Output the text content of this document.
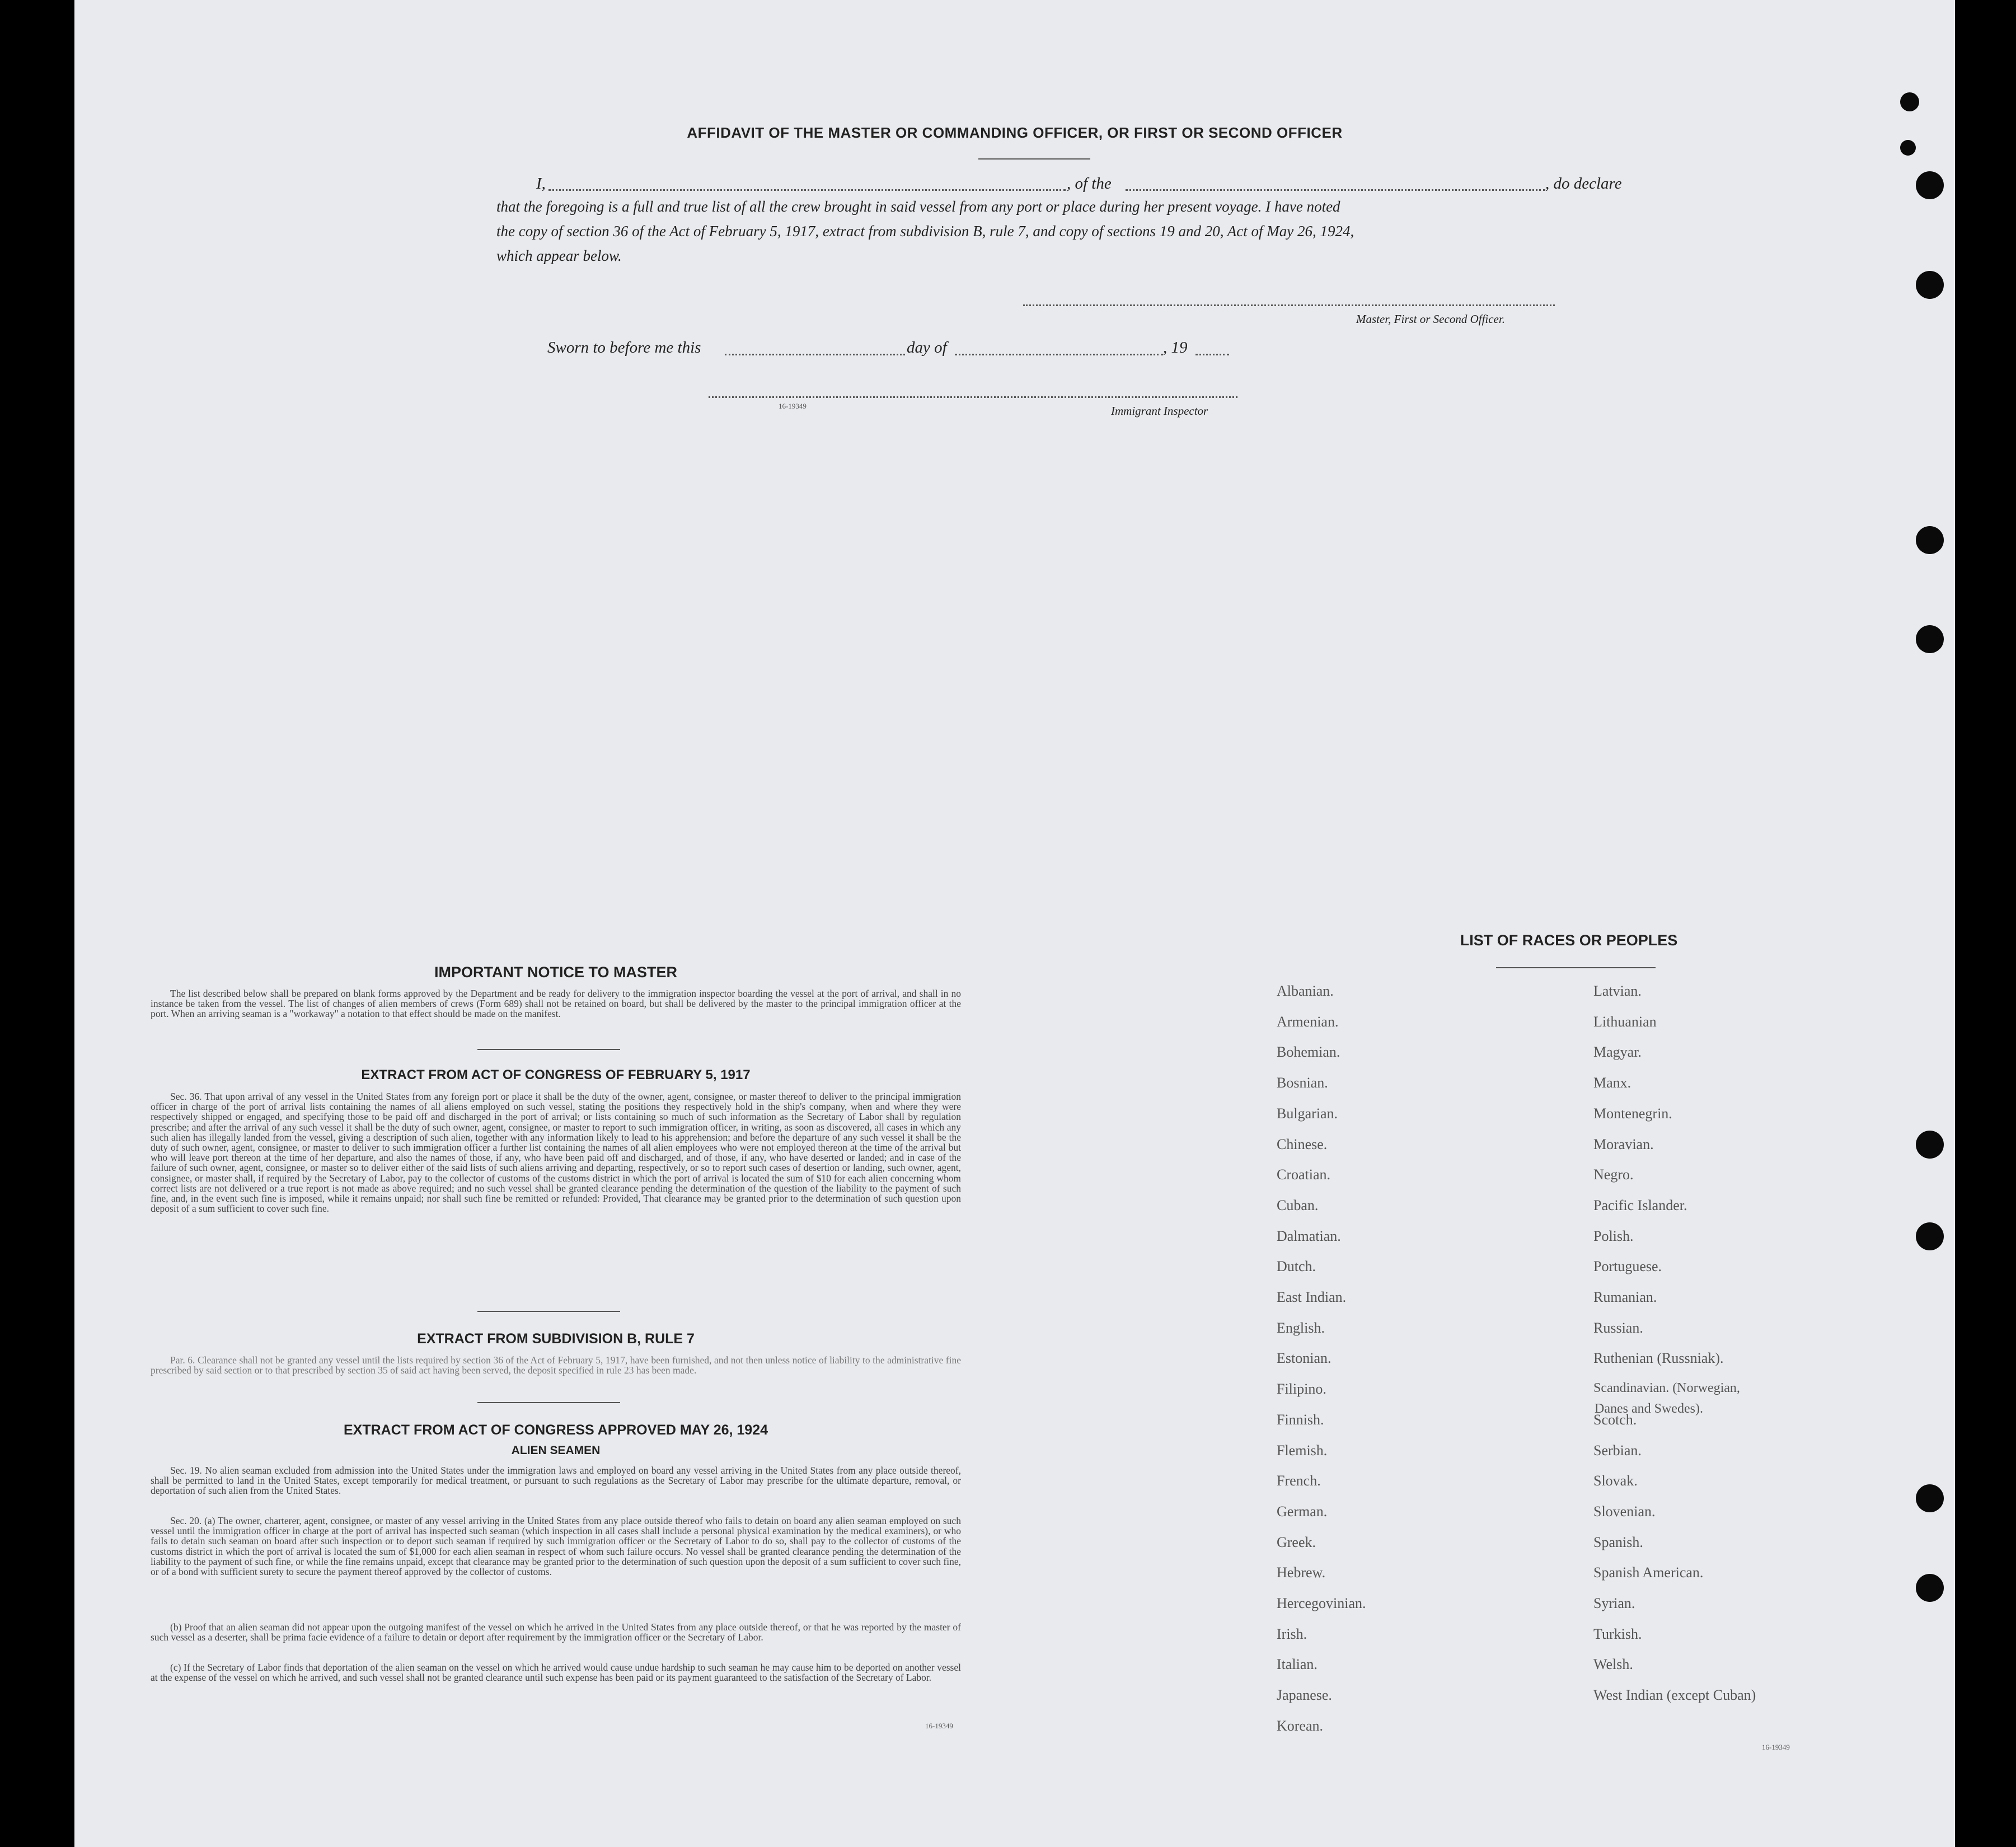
AFFIDAVIT OF THE MASTER OR COMMANDING OFFICER, OR FIRST OR SECOND OFFICER
I,	, of the	, do declare
that the foregoing is a full and true list of all the crew brought in said vessel from any port or place during her present voyage. I have noted
the copy of section 36 of the Act of February 5, 1917, extract from subdivision B, rule 7, and copy of sections 19 and 20, Act of May 26, 1924,
which appear below.
Master, First or Second Officer.
Sworn to before me this	day of	, 19
16-19349	Immigrant Inspector
IMPORTANT NOTICE TO MASTER
The list described below shall be prepared on blank forms approved by the Department and be ready for delivery to the immigration inspector boarding the vessel at the port of arrival, and shall in no instance be taken from the vessel. The list of changes of alien members of crews (Form 689) shall not be retained on board, but shall be delivered by the master to the principal immigration officer at the port. When an arriving seaman is a "workaway" a notation to that effect should be made on the manifest.
EXTRACT FROM ACT OF CONGRESS OF FEBRUARY 5, 1917
Sec. 36. That upon arrival of any vessel in the United States from any foreign port or place it shall be the duty of the owner, agent, consignee, or master thereof to deliver to the principal immigration officer in charge of the port of arrival lists containing the names of all aliens employed on such vessel, stating the positions they respectively hold in the ship's company, when and where they were respectively shipped or engaged, and specifying those to be paid off and discharged in the port of arrival; or lists containing so much of such information as the Secretary of Labor shall by regulation prescribe; and after the arrival of any such vessel it shall be the duty of such owner, agent, consignee, or master to report to such immigration officer, in writing, as soon as discovered, all cases in which any such alien has illegally landed from the vessel, giving a description of such alien, together with any information likely to lead to his apprehension; and before the departure of any such vessel it shall be the duty of such owner, agent, consignee, or master to deliver to such immigration officer a further list containing the names of all alien employees who were not employed thereon at the time of the arrival but who will leave port thereon at the time of her departure, and also the names of those, if any, who have been paid off and discharged, and of those, if any, who have deserted or landed; and in case of the failure of such owner, agent, consignee, or master so to deliver either of the said lists of such aliens arriving and departing, respectively, or so to report such cases of desertion or landing, such owner, agent, consignee, or master shall, if required by the Secretary of Labor, pay to the collector of customs of the customs district in which the port of arrival is located the sum of $10 for each alien concerning whom correct lists are not delivered or a true report is not made as above required; and no such vessel shall be granted clearance pending the determination of the question of the liability to the payment of such fine, and, in the event such fine is imposed, while it remains unpaid; nor shall such fine be remitted or refunded: Provided, That clearance may be granted prior to the determination of such question upon deposit of a sum sufficient to cover such fine.
EXTRACT FROM SUBDIVISION B, RULE 7
Par. 6. Clearance shall not be granted any vessel until the lists required by section 36 of the Act of February 5, 1917, have been furnished, and not then unless notice of liability to the administrative fine prescribed by said section or to that prescribed by section 35 of said act having been served, the deposit specified in rule 23 has been made.
EXTRACT FROM ACT OF CONGRESS APPROVED MAY 26, 1924
ALIEN SEAMEN
Sec. 19. No alien seaman excluded from admission into the United States under the immigration laws and employed on board any vessel arriving in the United States from any place outside thereof, shall be permitted to land in the United States, except temporarily for medical treatment, or pursuant to such regulations as the Secretary of Labor may prescribe for the ultimate departure, removal, or deportation of such alien from the United States.
Sec. 20. (a) The owner, charterer, agent, consignee, or master of any vessel arriving in the United States from any place outside thereof who fails to detain on board any alien seaman employed on such vessel until the immigration officer in charge at the port of arrival has inspected such seaman (which inspection in all cases shall include a personal physical examination by the medical examiners), or who fails to detain such seaman on board after such inspection or to deport such seaman if required by such immigration officer or the Secretary of Labor to do so, shall pay to the collector of customs of the customs district in which the port of arrival is located the sum of $1,000 for each alien seaman in respect of whom such failure occurs. No vessel shall be granted clearance pending the determination of the liability to the payment of such fine, or while the fine remains unpaid, except that clearance may be granted prior to the determination of such question upon the deposit of a sum sufficient to cover such fine, or of a bond with sufficient surety to secure the payment thereof approved by the collector of customs.
(b) Proof that an alien seaman did not appear upon the outgoing manifest of the vessel on which he arrived in the United States from any place outside thereof, or that he was reported by the master of such vessel as a deserter, shall be prima facie evidence of a failure to detain or deport after requirement by the immigration officer or the Secretary of Labor.
(c) If the Secretary of Labor finds that deportation of the alien seaman on the vessel on which he arrived would cause undue hardship to such seaman he may cause him to be deported on another vessel at the expense of the vessel on which he arrived, and such vessel shall not be granted clearance until such expense has been paid or its payment guaranteed to the satisfaction of the Secretary of Labor.
16-19349
LIST OF RACES OR PEOPLES
Danes and Swedes).
16-19349
Albanian.
Armenian.
Bohemian.
Bosnian.
Bulgarian.
Chinese.
Croatian.
Cuban.
Dalmatian.
Dutch.
East Indian.
English.
Estonian.
Filipino.
Finnish.
Flemish.
French.
German.
Greek.
Hebrew.
Hercegovinian.
Irish.
Italian.
Japanese.
Korean.
Latvian.
Lithuanian
Magyar.
Manx.
Montenegrin.
Moravian.
Negro.
Pacific Islander.
Polish.
Portuguese.
Rumanian.
Russian.
Ruthenian (Russniak).
Scandinavian. (Norwegian,
Scotch.
Serbian.
Slovak.
Slovenian.
Spanish.
Spanish American.
Syrian.
Turkish.
Welsh.
West Indian (except Cuban)
